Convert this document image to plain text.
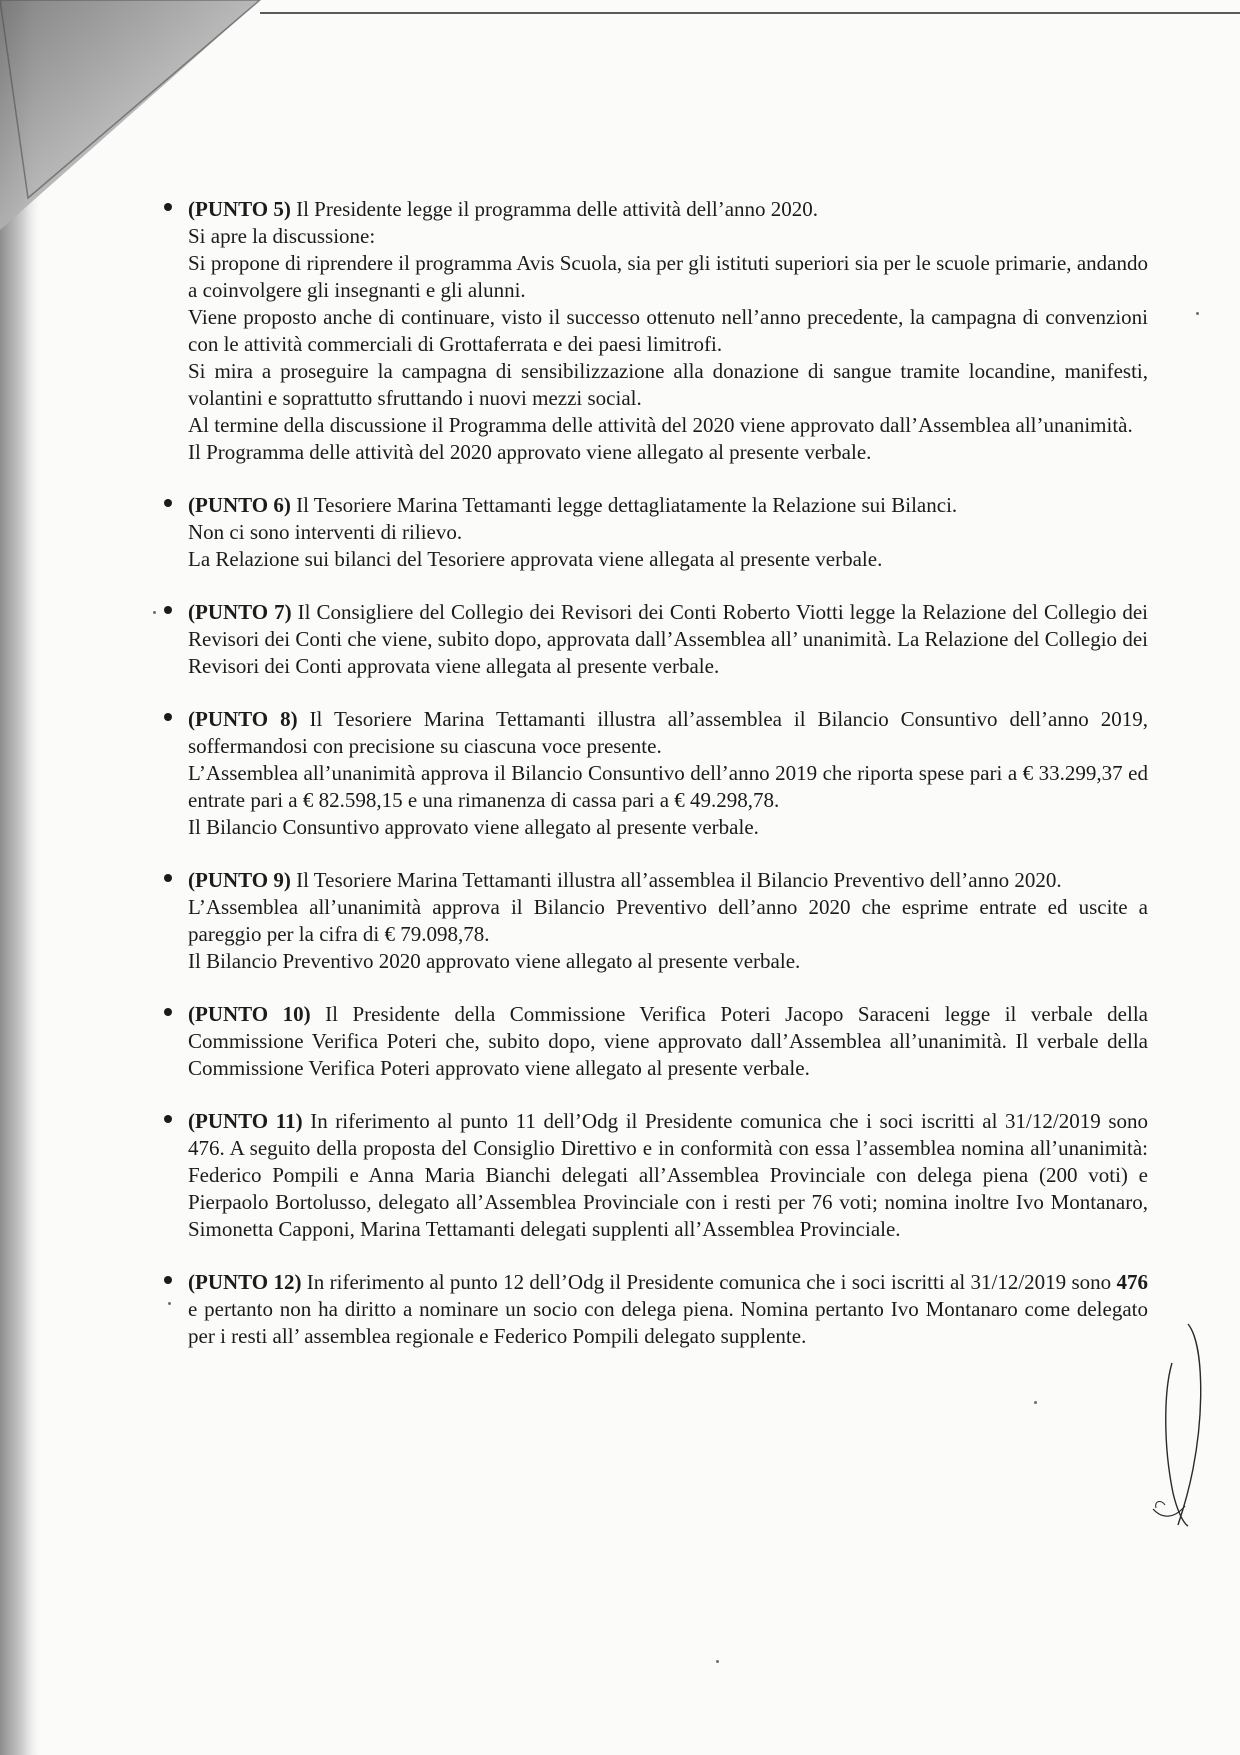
(PUNTO 5) Il Presidente legge il programma delle attività dell’anno 2020.

Si apre la discussione:

Si propone di riprendere il programma Avis Scuola, sia per gli istituti superiori sia per le scuole primarie, andando a coinvolgere gli insegnanti e gli alunni.

Viene proposto anche di continuare, visto il successo ottenuto nell’anno precedente, la campagna di convenzioni con le attività commerciali di Grottaferrata e dei paesi limitrofi.

Si mira a proseguire la campagna di sensibilizzazione alla donazione di sangue tramite locandine, manifesti, volantini e soprattutto sfruttando i nuovi mezzi social.

Al termine della discussione il Programma delle attività del 2020 viene approvato dall’Assemblea all’unanimità.

Il Programma delle attività del 2020 approvato viene allegato al presente verbale.

(PUNTO 6) Il Tesoriere Marina Tettamanti legge dettagliatamente la Relazione sui Bilanci.

Non ci sono interventi di rilievo.

La Relazione sui bilanci del Tesoriere approvata viene allegata al presente verbale.

(PUNTO 7) Il Consigliere del Collegio dei Revisori dei Conti Roberto Viotti legge la Relazione del Collegio dei Revisori dei Conti che viene, subito dopo, approvata dall’Assemblea all’ unanimità. La Relazione del Collegio dei Revisori dei Conti approvata viene allegata al presente verbale.

(PUNTO 8) Il Tesoriere Marina Tettamanti illustra all’assemblea il Bilancio Consuntivo dell’anno 2019, soffermandosi con precisione su ciascuna voce presente.

L’Assemblea all’unanimità approva il Bilancio Consuntivo dell’anno 2019 che riporta spese pari a € 33.299,37 ed entrate pari a € 82.598,15 e una rimanenza di cassa pari a € 49.298,78.

Il Bilancio Consuntivo approvato viene allegato al presente verbale.

(PUNTO 9) Il Tesoriere Marina Tettamanti illustra all’assemblea il Bilancio Preventivo dell’anno 2020.

L’Assemblea all’unanimità approva il Bilancio Preventivo dell’anno 2020 che esprime entrate ed uscite a pareggio per la cifra di € 79.098,78.

Il Bilancio Preventivo 2020 approvato viene allegato al presente verbale.

(PUNTO 10) Il Presidente della Commissione Verifica Poteri Jacopo Saraceni legge il verbale della Commissione Verifica Poteri che, subito dopo, viene approvato dall’Assemblea all’unanimità. Il verbale della Commissione Verifica Poteri approvato viene allegato al presente verbale.

(PUNTO 11) In riferimento al punto 11 dell’Odg il Presidente comunica che i soci iscritti al 31/12/2019 sono 476. A seguito della proposta del Consiglio Direttivo e in conformità con essa l’assemblea nomina all’unanimità: Federico Pompili e Anna Maria Bianchi delegati all’Assemblea Provinciale con delega piena (200 voti) e Pierpaolo Bortolusso, delegato all’Assemblea Provinciale con i resti per 76 voti; nomina inoltre Ivo Montanaro, Simonetta Capponi, Marina Tettamanti delegati supplenti all’Assemblea Provinciale.

(PUNTO 12) In riferimento al punto 12 dell’Odg il Presidente comunica che i soci iscritti al 31/12/2019 sono 476 e pertanto non ha diritto a nominare un socio con delega piena. Nomina pertanto Ivo Montanaro come delegato per i resti all’ assemblea regionale e Federico Pompili delegato supplente.
